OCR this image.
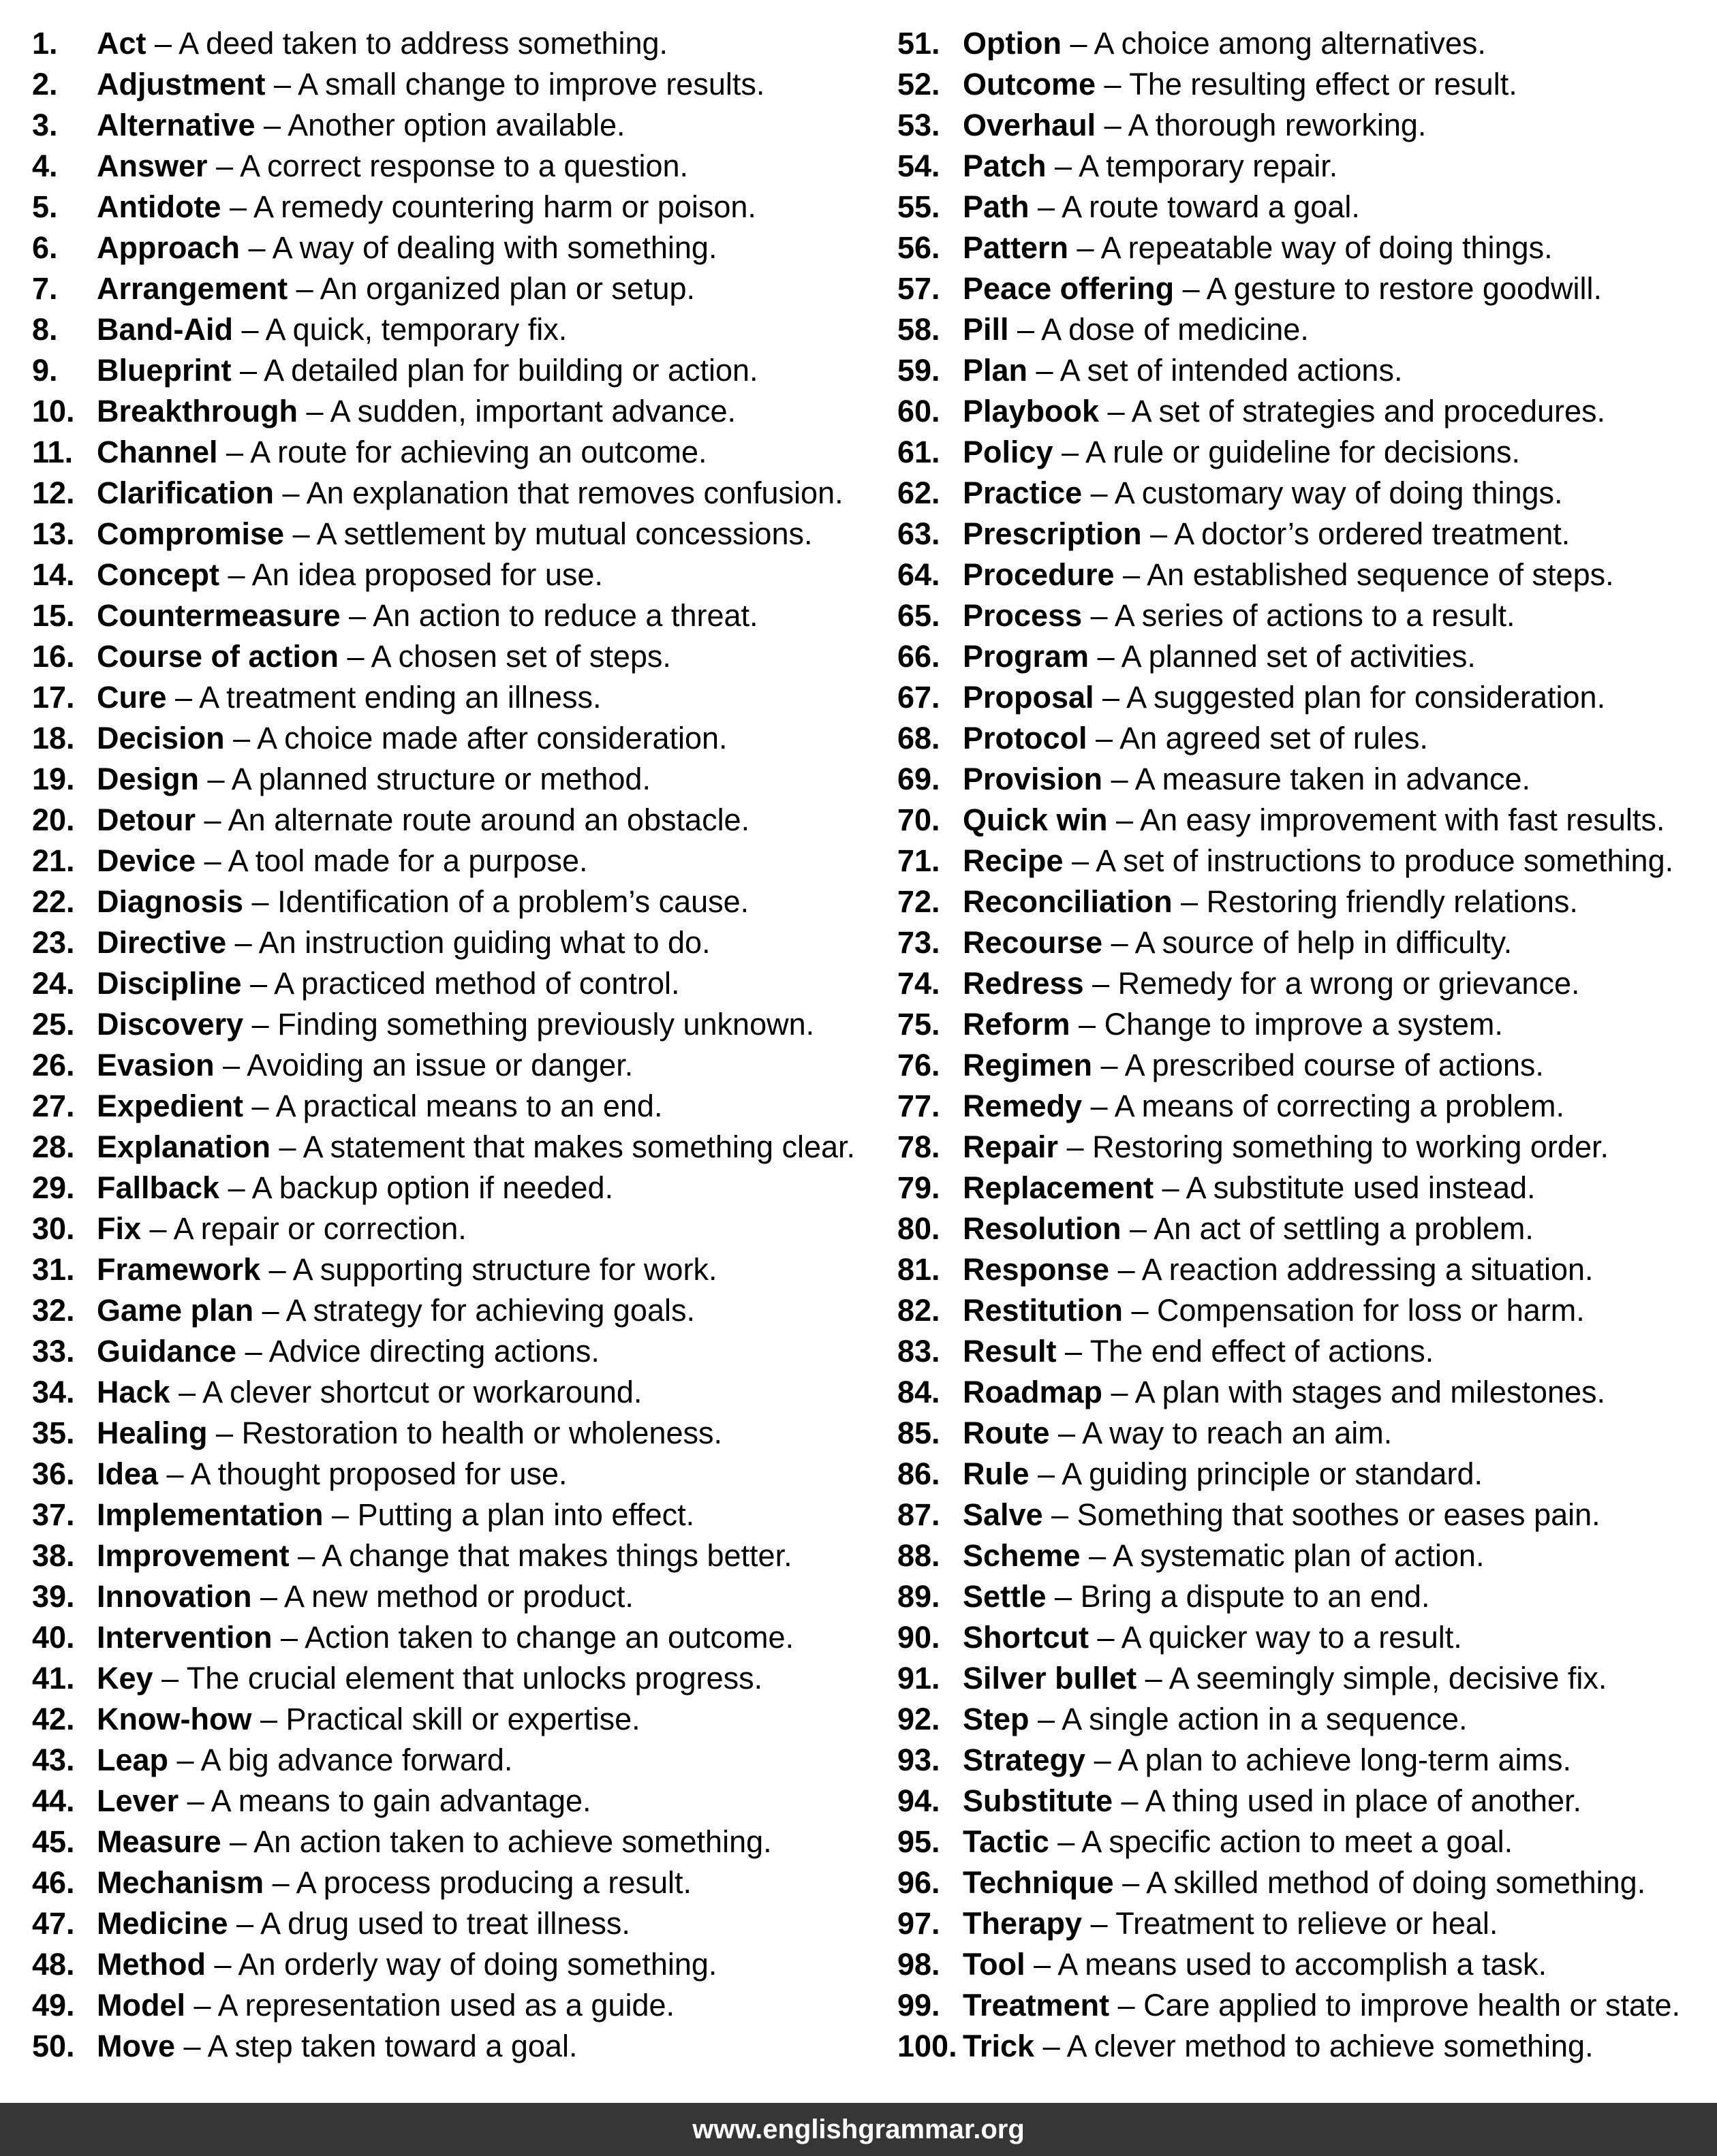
1. Act – A deed taken to address something.
2. Adjustment – A small change to improve results.
3. Alternative – Another option available.
4. Answer – A correct response to a question.
5. Antidote – A remedy countering harm or poison.
6. Approach – A way of dealing with something.
7. Arrangement – An organized plan or setup.
8. Band-Aid – A quick, temporary fix.
9. Blueprint – A detailed plan for building or action.
10. Breakthrough – A sudden, important advance.
11. Channel – A route for achieving an outcome.
12. Clarification – An explanation that removes confusion.
13. Compromise – A settlement by mutual concessions.
14. Concept – An idea proposed for use.
15. Countermeasure – An action to reduce a threat.
16. Course of action – A chosen set of steps.
17. Cure – A treatment ending an illness.
18. Decision – A choice made after consideration.
19. Design – A planned structure or method.
20. Detour – An alternate route around an obstacle.
21. Device – A tool made for a purpose.
22. Diagnosis – Identification of a problem’s cause.
23. Directive – An instruction guiding what to do.
24. Discipline – A practiced method of control.
25. Discovery – Finding something previously unknown.
26. Evasion – Avoiding an issue or danger.
27. Expedient – A practical means to an end.
28. Explanation – A statement that makes something clear.
29. Fallback – A backup option if needed.
30. Fix – A repair or correction.
31. Framework – A supporting structure for work.
32. Game plan – A strategy for achieving goals.
33. Guidance – Advice directing actions.
34. Hack – A clever shortcut or workaround.
35. Healing – Restoration to health or wholeness.
36. Idea – A thought proposed for use.
37. Implementation – Putting a plan into effect.
38. Improvement – A change that makes things better.
39. Innovation – A new method or product.
40. Intervention – Action taken to change an outcome.
41. Key – The crucial element that unlocks progress.
42. Know-how – Practical skill or expertise.
43. Leap – A big advance forward.
44. Lever – A means to gain advantage.
45. Measure – An action taken to achieve something.
46. Mechanism – A process producing a result.
47. Medicine – A drug used to treat illness.
48. Method – An orderly way of doing something.
49. Model – A representation used as a guide.
50. Move – A step taken toward a goal.
51. Option – A choice among alternatives.
52. Outcome – The resulting effect or result.
53. Overhaul – A thorough reworking.
54. Patch – A temporary repair.
55. Path – A route toward a goal.
56. Pattern – A repeatable way of doing things.
57. Peace offering – A gesture to restore goodwill.
58. Pill – A dose of medicine.
59. Plan – A set of intended actions.
60. Playbook – A set of strategies and procedures.
61. Policy – A rule or guideline for decisions.
62. Practice – A customary way of doing things.
63. Prescription – A doctor’s ordered treatment.
64. Procedure – An established sequence of steps.
65. Process – A series of actions to a result.
66. Program – A planned set of activities.
67. Proposal – A suggested plan for consideration.
68. Protocol – An agreed set of rules.
69. Provision – A measure taken in advance.
70. Quick win – An easy improvement with fast results.
71. Recipe – A set of instructions to produce something.
72. Reconciliation – Restoring friendly relations.
73. Recourse – A source of help in difficulty.
74. Redress – Remedy for a wrong or grievance.
75. Reform – Change to improve a system.
76. Regimen – A prescribed course of actions.
77. Remedy – A means of correcting a problem.
78. Repair – Restoring something to working order.
79. Replacement – A substitute used instead.
80. Resolution – An act of settling a problem.
81. Response – A reaction addressing a situation.
82. Restitution – Compensation for loss or harm.
83. Result – The end effect of actions.
84. Roadmap – A plan with stages and milestones.
85. Route – A way to reach an aim.
86. Rule – A guiding principle or standard.
87. Salve – Something that soothes or eases pain.
88. Scheme – A systematic plan of action.
89. Settle – Bring a dispute to an end.
90. Shortcut – A quicker way to a result.
91. Silver bullet – A seemingly simple, decisive fix.
92. Step – A single action in a sequence.
93. Strategy – A plan to achieve long-term aims.
94. Substitute – A thing used in place of another.
95. Tactic – A specific action to meet a goal.
96. Technique – A skilled method of doing something.
97. Therapy – Treatment to relieve or heal.
98. Tool – A means used to accomplish a task.
99. Treatment – Care applied to improve health or state.
100. Trick – A clever method to achieve something.
www.englishgrammar.org
